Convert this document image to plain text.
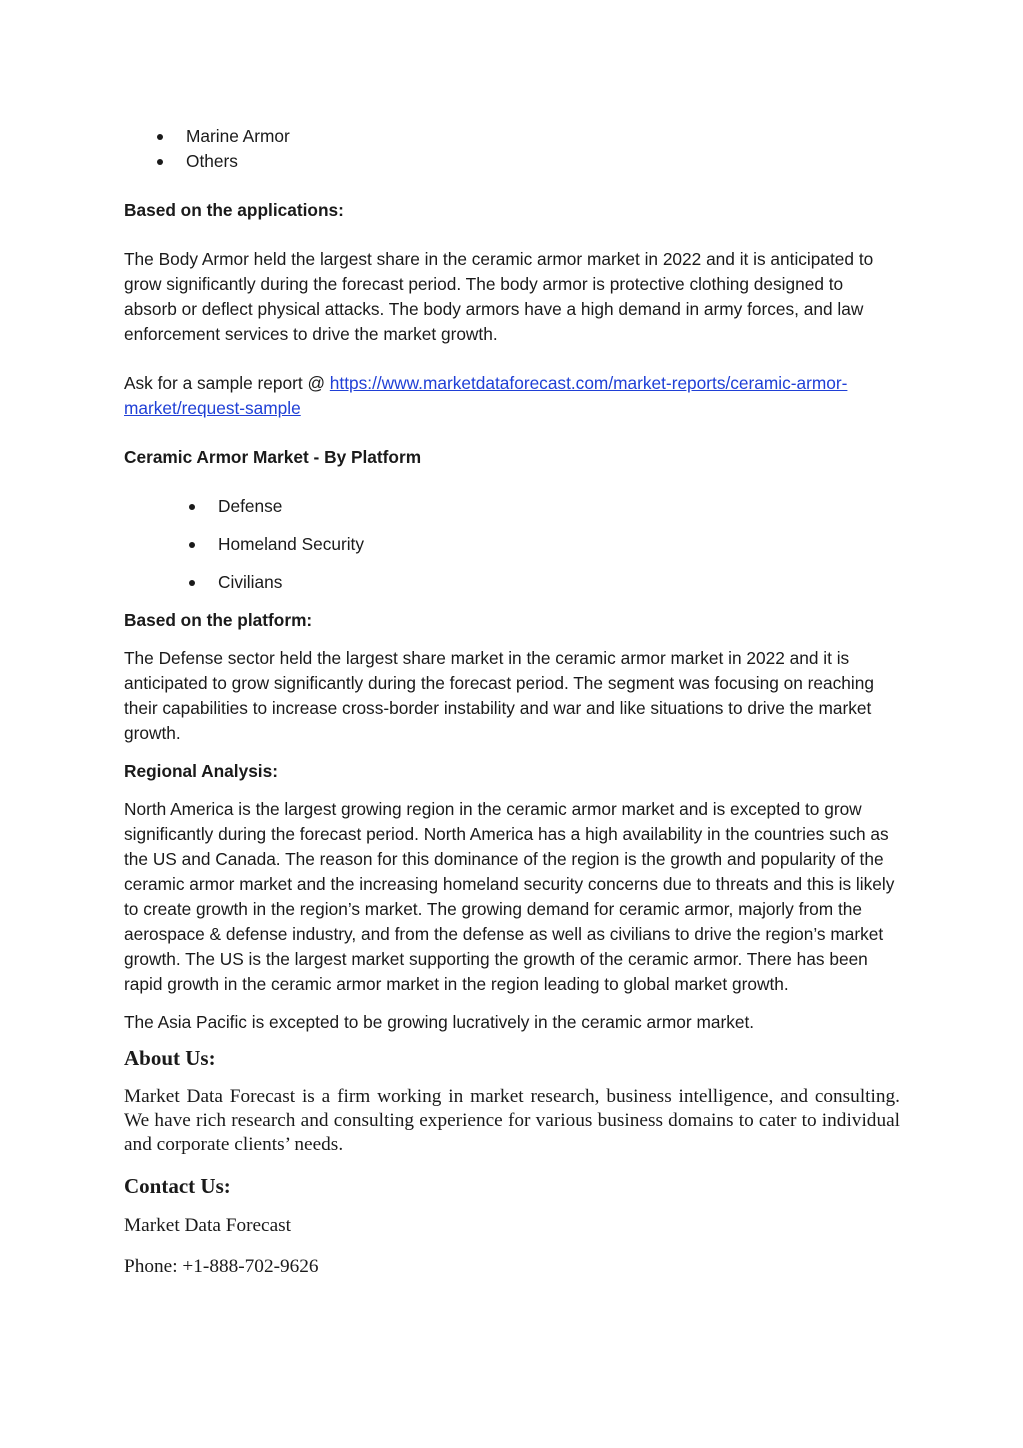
Marine Armor
Others

Based on the applications:

The Body Armor held the largest share in the ceramic armor market in 2022 and it is anticipated to grow significantly during the forecast period. The body armor is protective clothing designed to absorb or deflect physical attacks. The body armors have a high demand in army forces, and law enforcement services to drive the market growth.

Ask for a sample report @ https://www.marketdataforecast.com/market-reports/ceramic-armor-market/request-sample

Ceramic Armor Market - By Platform

Defense
Homeland Security
Civilians

Based on the platform:

The Defense sector held the largest share market in the ceramic armor market in 2022 and it is anticipated to grow significantly during the forecast period. The segment was focusing on reaching their capabilities to increase cross-border instability and war and like situations to drive the market growth.

Regional Analysis:

North America is the largest growing region in the ceramic armor market and is excepted to grow significantly during the forecast period. North America has a high availability in the countries such as the US and Canada. The reason for this dominance of the region is the growth and popularity of the ceramic armor market and the increasing homeland security concerns due to threats and this is likely to create growth in the region’s market. The growing demand for ceramic armor, majorly from the aerospace & defense industry, and from the defense as well as civilians to drive the region’s market growth. The US is the largest market supporting the growth of the ceramic armor. There has been rapid growth in the ceramic armor market in the region leading to global market growth.

The Asia Pacific is excepted to be growing lucratively in the ceramic armor market.

About Us:

Market Data Forecast is a firm working in market research, business intelligence, and consulting. We have rich research and consulting experience for various business domains to cater to individual and corporate clients’ needs.

Contact Us:

Market Data Forecast

Phone: +1-888-702-9626
